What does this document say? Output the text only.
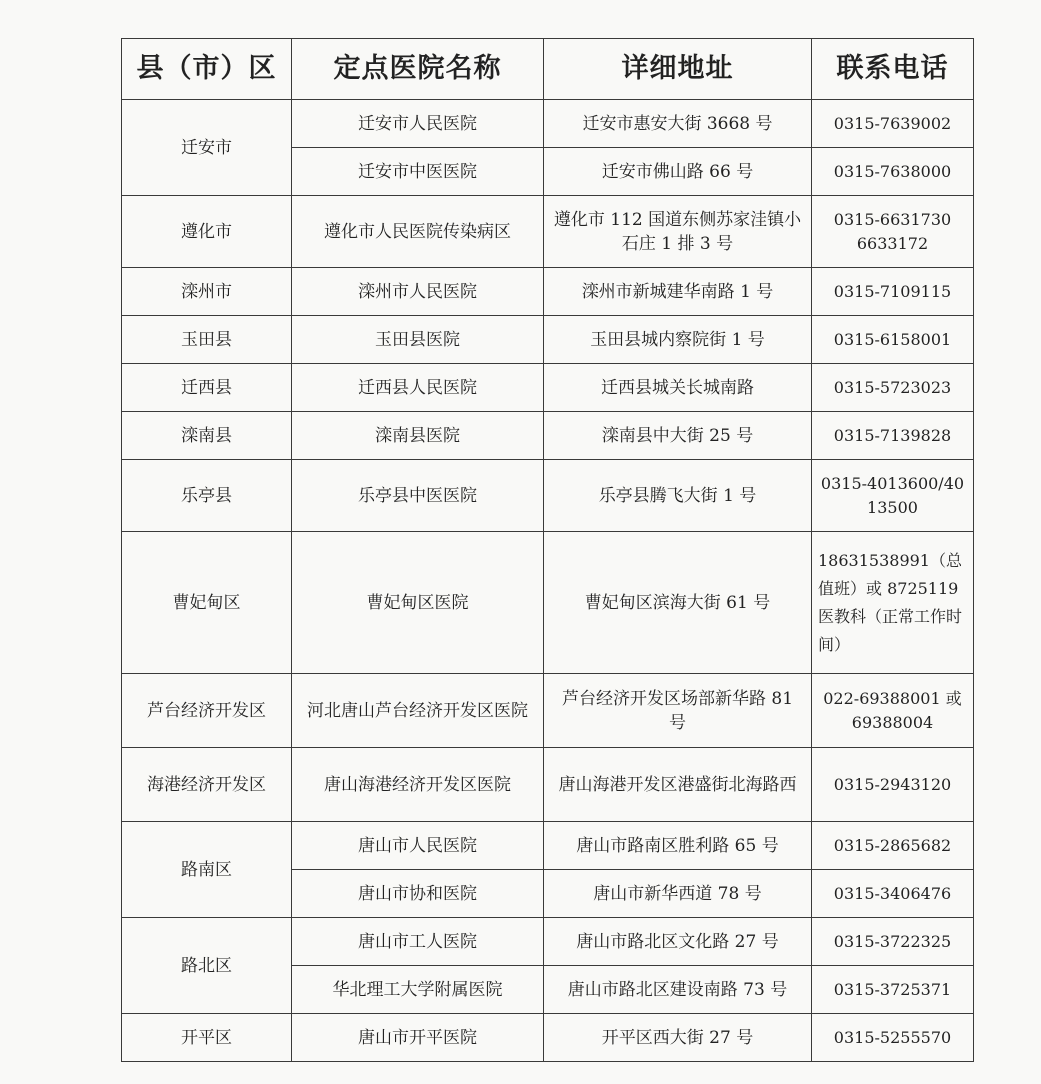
县（市）区	定点医院名称	详细地址	联系电话
迁安市	迁安市人民医院	迁安市惠安大街 3668 号	0315-7639002
	迁安市中医医院	迁安市佛山路 66 号	0315-7638000
遵化市	遵化市人民医院传染病区	遵化市 112 国道东侧苏家洼镇小石庄 1 排 3 号	0315-6631730 6633172
滦州市	滦州市人民医院	滦州市新城建华南路 1 号	0315-7109115
玉田县	玉田县医院	玉田县城内察院街 1 号	0315-6158001
迁西县	迁西县人民医院	迁西县城关长城南路	0315-5723023
滦南县	滦南县医院	滦南县中大街 25 号	0315-7139828
乐亭县	乐亭县中医医院	乐亭县腾飞大街 1 号	0315-4013600/4013500
曹妃甸区	曹妃甸区医院	曹妃甸区滨海大街 61 号	18631538991（总值班）或 8725119 医教科（正常工作时间）
芦台经济开发区	河北唐山芦台经济开发区医院	芦台经济开发区场部新华路 81 号	022-69388001 或 69388004
海港经济开发区	唐山海港经济开发区医院	唐山海港开发区港盛街北海路西	0315-2943120
路南区	唐山市人民医院	唐山市路南区胜利路 65 号	0315-2865682
	唐山市协和医院	唐山市新华西道 78 号	0315-3406476
路北区	唐山市工人医院	唐山市路北区文化路 27 号	0315-3722325
	华北理工大学附属医院	唐山市路北区建设南路 73 号	0315-3725371
开平区	唐山市开平医院	开平区西大街 27 号	0315-5255570
